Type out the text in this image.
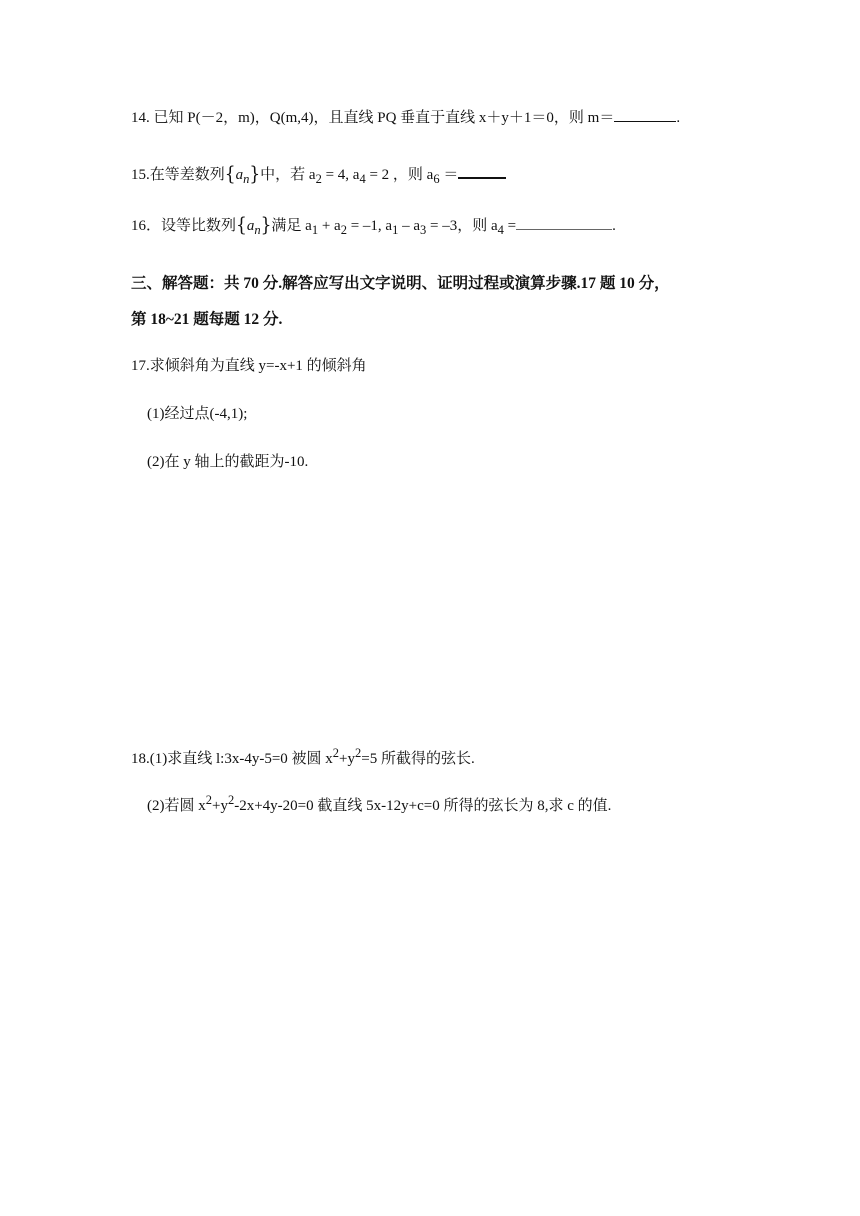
14. 已知 P(－2，m)，Q(m,4)，且直线 PQ 垂直于直线 x＋y＋1＝0，则 m＝	.
15.在等差数列$\{a_n\}$中，若 $a_2 = 4$, $a_4 = 2$ ，则 $a_6$ ＝
16．设等比数列$\{a_n\}$满足 $a_1 + a_2 = -1$, $a_1 - a_3 = -3$，则 $a_4$ =	.
三、解答题：共 70 分.解答应写出文字说明、证明过程或演算步骤.17 题 10 分，
第 18~21 题每题 12 分.
17.求倾斜角为直线 y=-x+1 的倾斜角
(1)经过点(-4,1);
(2)在 y 轴上的截距为-10.
18.(1)求直线 l:3x-4y-5=0 被圆 $x^2+y^2=5$ 所截得的弦长.
(2)若圆 $x^2+y^2-2x+4y-20=0$ 截直线 5x-12y+c=0 所得的弦长为 8,求 c 的值.
